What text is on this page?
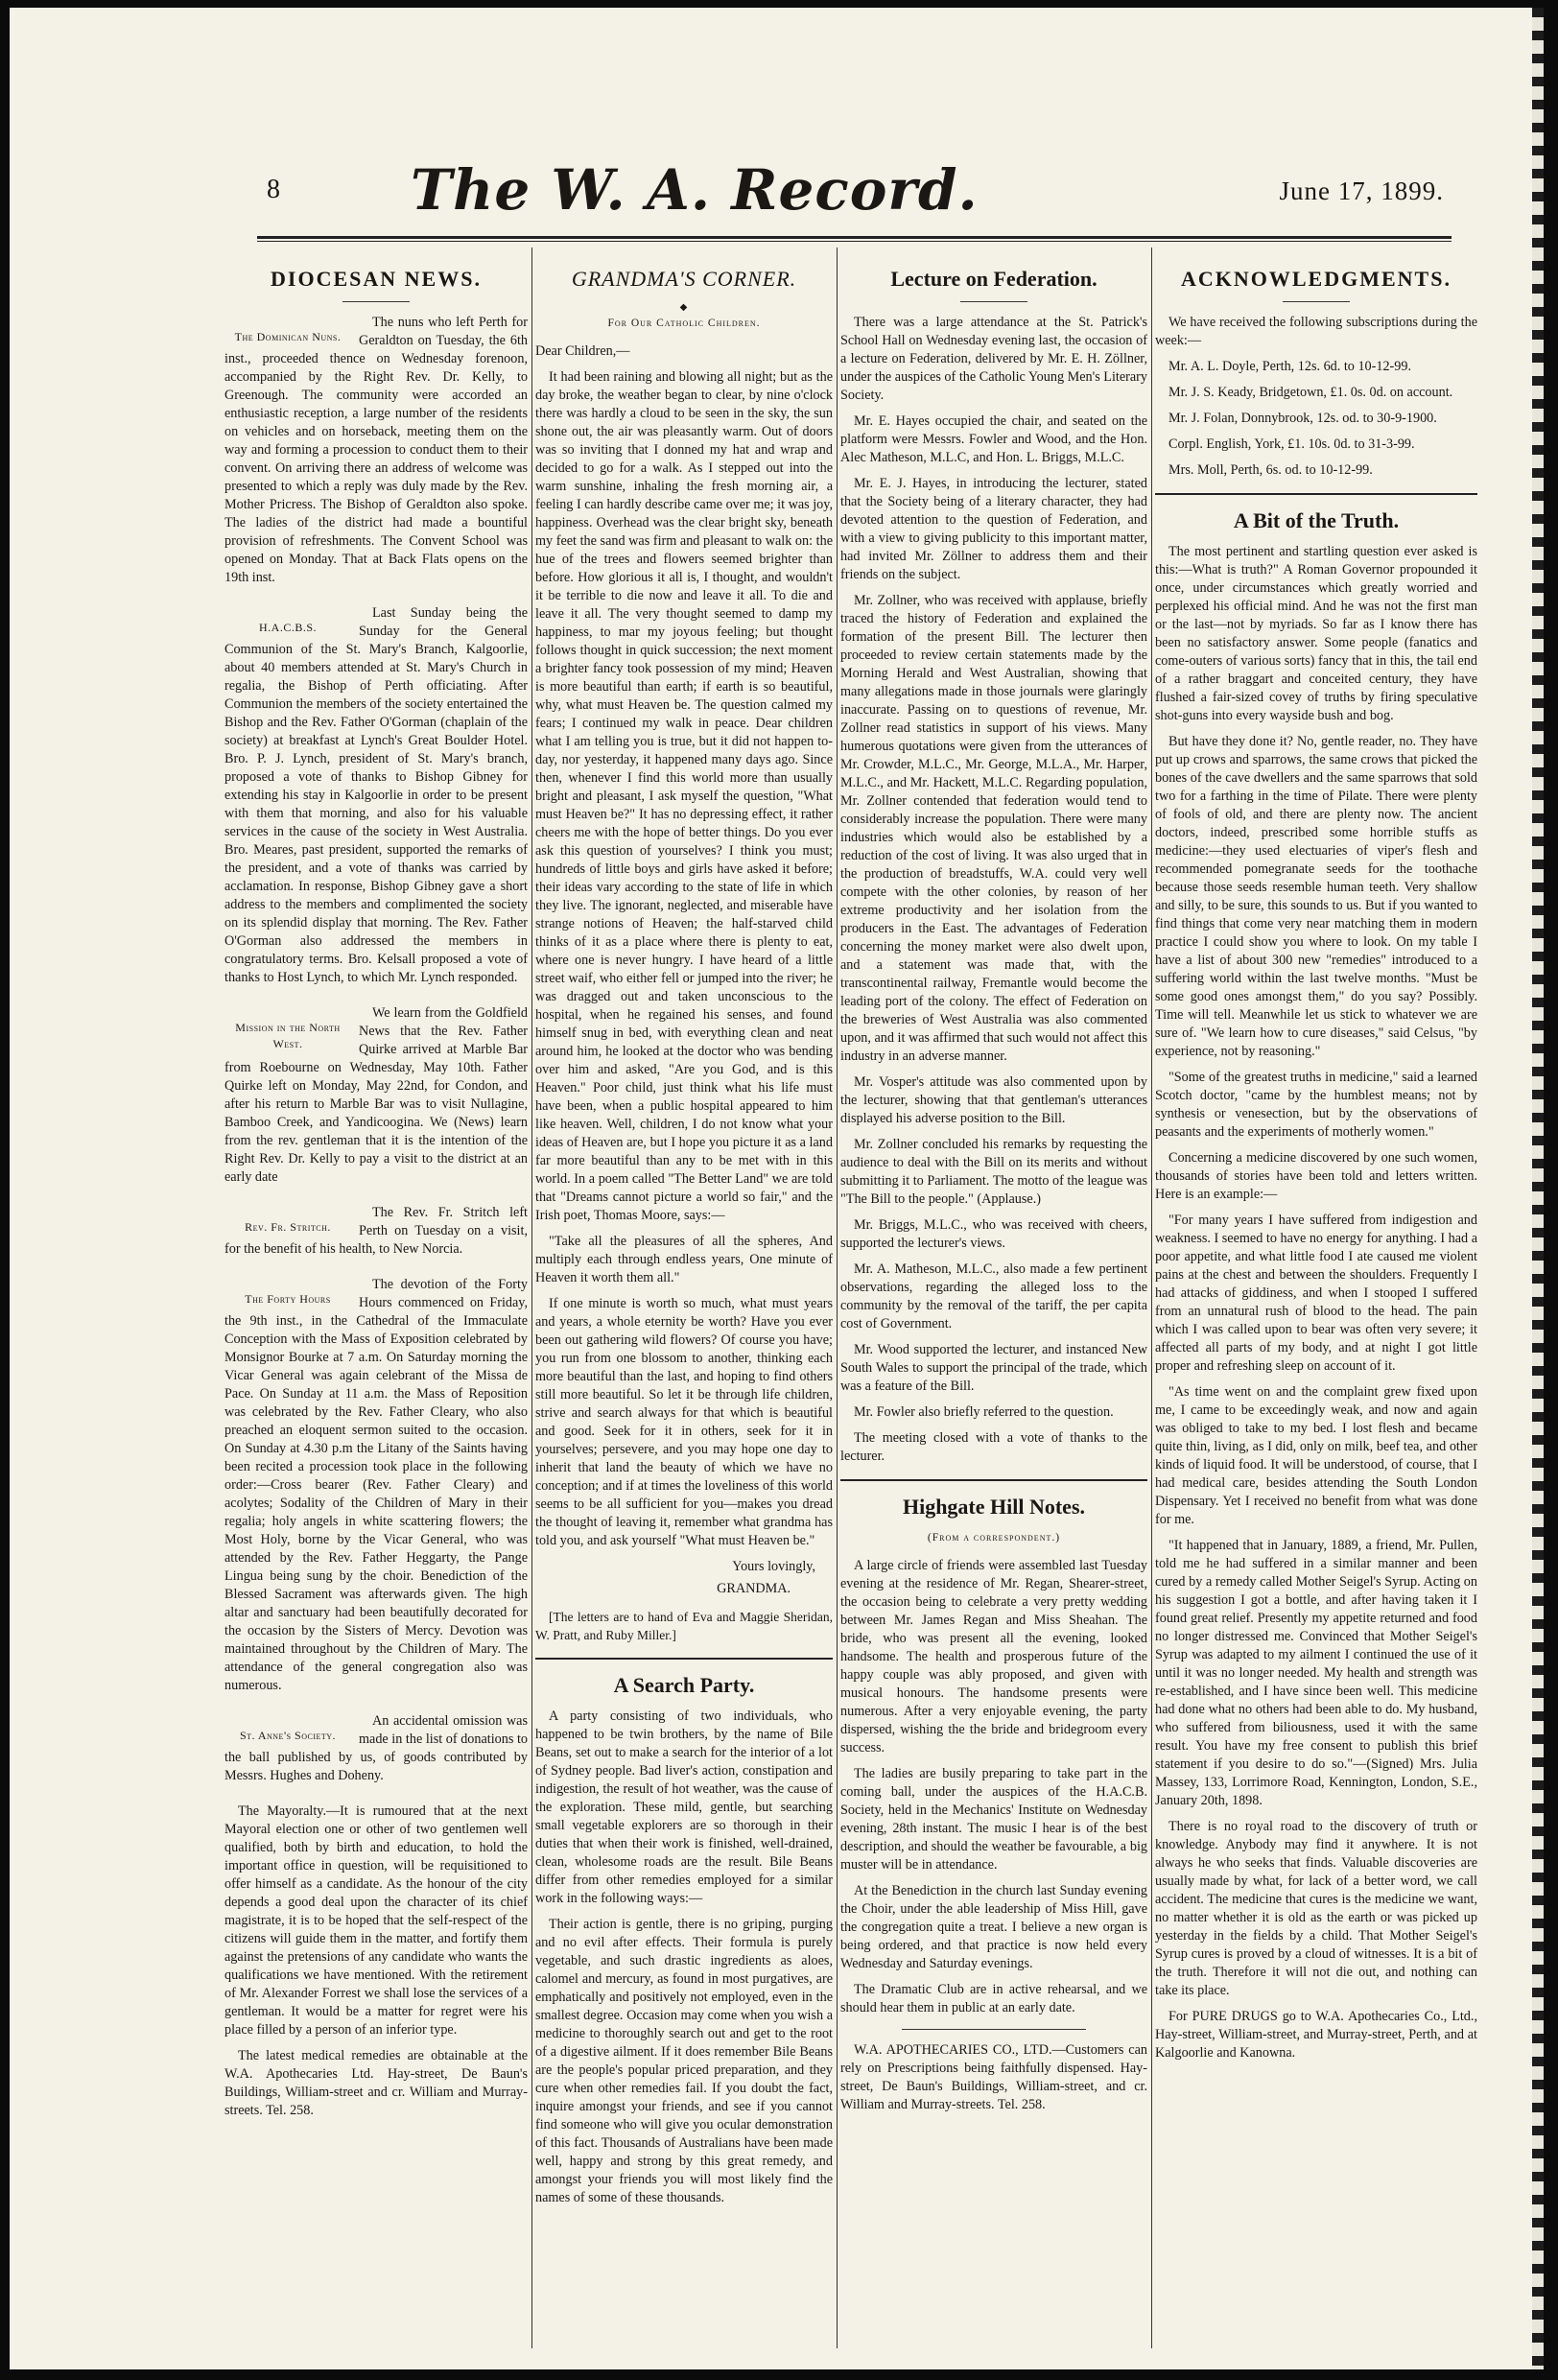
8 The W. A. Record.	June 17, 1899.
DIOCESAN NEWS.
The Dominican Nuns.

The nuns who left Perth for Geraldton on Tuesday, the 6th inst., proceeded thence on Wednesday forenoon, accompanied by the Right Rev. Dr. Kelly, to Greenough. The community were accorded an enthusiastic reception, a large number of the residents on vehicles and on horseback, meeting them on the way and forming a procession to conduct them to their convent. On arriving there an address of welcome was presented to which a reply was duly made by the Rev. Mother Pricress. The Bishop of Geraldton also spoke. The ladies of the district had made a bountiful provision of refreshments. The Convent School was opened on Monday. That at Back Flats opens on the 19th inst.

H.A.C.B.S.

Last Sunday being the Sunday for the General Communion of the St. Mary's Branch, Kalgoorlie, about 40 members attended at St. Mary's Church in regalia, the Bishop of Perth officiating. After Communion the members of the society entertained the Bishop and the Rev. Father O'Gorman (chaplain of the society) at breakfast at Lynch's Great Boulder Hotel. Bro. P. J. Lynch, president of St. Mary's branch, proposed a vote of thanks to Bishop Gibney for extending his stay in Kalgoorlie in order to be present with them that morning, and also for his valuable services in the cause of the society in West Australia. Bro. Meares, past president, supported the remarks of the president, and a vote of thanks was carried by acclamation. In response, Bishop Gibney gave a short address to the members and complimented the society on its splendid display that morning. The Rev. Father O'Gorman also addressed the members in congratulatory terms. Bro. Kelsall proposed a vote of thanks to Host Lynch, to which Mr. Lynch responded.

Mission in the North West.

We learn from the Goldfield News that the Rev. Father Quirke arrived at Marble Bar from Roebourne on Wednesday, May 10th. Father Quirke left on Monday, May 22nd, for Condon, and after his return to Marble Bar was to visit Nullagine, Bamboo Creek, and Yandicoogina. We (News) learn from the rev. gentleman that it is the intention of the Right Rev. Dr. Kelly to pay a visit to the district at an early date

Rev. Fr. Stritch.

The Rev. Fr. Stritch left Perth on Tuesday on a visit, for the benefit of his health, to New Norcia.

The Forty Hours

The devotion of the Forty Hours commenced on Friday, the 9th inst., in the Cathedral of the Immaculate Conception with the Mass of Exposition celebrated by Monsignor Bourke at 7 a.m. On Saturday morning the Vicar General was again celebrant of the Missa de Pace. On Sunday at 11 a.m. the Mass of Reposition was celebrated by the Rev. Father Cleary, who also preached an eloquent sermon suited to the occasion. On Sunday at 4.30 p.m the Litany of the Saints having been recited a procession took place in the following order:—Cross bearer (Rev. Father Cleary) and acolytes; Sodality of the Children of Mary in their regalia; holy angels in white scattering flowers; the Most Holy, borne by the Vicar General, who was attended by the Rev. Father Heggarty, the Pange Lingua being sung by the choir. Benediction of the Blessed Sacrament was afterwards given. The high altar and sanctuary had been beautifully decorated for the occasion by the Sisters of Mercy. Devotion was maintained throughout by the Children of Mary. The attendance of the general congregation also was numerous.

St. Anne's Society.

An accidental omission was made in the list of donations to the ball published by us, of goods contributed by Messrs. Hughes and Doheny.

The Mayoralty.—It is rumoured that at the next Mayoral election one or other of two gentlemen well qualified, both by birth and education, to hold the important office in question, will be requisitioned to offer himself as a candidate. As the honour of the city depends a good deal upon the character of its chief magistrate, it is to be hoped that the self-respect of the citizens will guide them in the matter, and fortify them against the pretensions of any candidate who wants the qualifications we have mentioned. With the retirement of Mr. Alexander Forrest we shall lose the services of a gentleman. It would be a matter for regret were his place filled by a person of an inferior type.

The latest medical remedies are obtainable at the W.A. Apothecaries Ltd. Hay-street, De Baun's Buildings, William-street and cr. William and Murray-streets. Tel. 258.

GRANDMA'S CORNER.
◆ For Our Catholic Children.

Dear Children,—

It had been raining and blowing all night; but as the day broke, the weather began to clear, by nine o'clock there was hardly a cloud to be seen in the sky, the sun shone out, the air was pleasantly warm. Out of doors was so inviting that I donned my hat and wrap and decided to go for a walk. As I stepped out into the warm sunshine, inhaling the fresh morning air, a feeling I can hardly describe came over me; it was joy, happiness. Overhead was the clear bright sky, beneath my feet the sand was firm and pleasant to walk on: the hue of the trees and flowers seemed brighter than before. How glorious it all is, I thought, and wouldn't it be terrible to die now and leave it all. To die and leave it all. The very thought seemed to damp my happiness, to mar my joyous feeling; but thought follows thought in quick succession; the next moment a brighter fancy took possession of my mind; Heaven is more beautiful than earth; if earth is so beautiful, why, what must Heaven be. The question calmed my fears; I continued my walk in peace. Dear children what I am telling you is true, but it did not happen to-day, nor yesterday, it happened many days ago. Since then, whenever I find this world more than usually bright and pleasant, I ask myself the question, "What must Heaven be?" It has no depressing effect, it rather cheers me with the hope of better things. Do you ever ask this question of yourselves? I think you must; hundreds of little boys and girls have asked it before; their ideas vary according to the state of life in which they live. The ignorant, neglected, and miserable have strange notions of Heaven; the half-starved child thinks of it as a place where there is plenty to eat, where one is never hungry. I have heard of a little street waif, who either fell or jumped into the river; he was dragged out and taken unconscious to the hospital, when he regained his senses, and found himself snug in bed, with everything clean and neat around him, he looked at the doctor who was bending over him and asked, "Are you God, and is this Heaven." Poor child, just think what his life must have been, when a public hospital appeared to him like heaven. Well, children, I do not know what your ideas of Heaven are, but I hope you picture it as a land far more beautiful than any to be met with in this world. In a poem called "The Better Land" we are told that "Dreams cannot picture a world so fair," and the Irish poet, Thomas Moore, says:—

"Take all the pleasures of all the spheres, And multiply each through endless years, One minute of Heaven it worth them all."

If one minute is worth so much, what must years and years, a whole eternity be worth? Have you ever been out gathering wild flowers? Of course you have; you run from one blossom to another, thinking each more beautiful than the last, and hoping to find others still more beautiful. So let it be through life children, strive and search always for that which is beautiful and good. Seek for it in others, seek for it in yourselves; persevere, and you may hope one day to inherit that land the beauty of which we have no conception; and if at times the loveliness of this world seems to be all sufficient for you—makes you dread the thought of leaving it, remember what grandma has told you, and ask yourself "What must Heaven be."

Yours lovingly,
GRANDMA.

[The letters are to hand of Eva and Maggie Sheridan, W. Pratt, and Ruby Miller.]

A Search Party.

A party consisting of two individuals, who happened to be twin brothers, by the name of Bile Beans, set out to make a search for the interior of a lot of Sydney people. Bad liver's action, constipation and indigestion, the result of hot weather, was the cause of the exploration. These mild, gentle, but searching small vegetable explorers are so thorough in their duties that when their work is finished, well-drained, clean, wholesome roads are the result. Bile Beans differ from other remedies employed for a similar work in the following ways:—

Their action is gentle, there is no griping, purging and no evil after effects. Their formula is purely vegetable, and such drastic ingredients as aloes, calomel and mercury, as found in most purgatives, are emphatically and positively not employed, even in the smallest degree. Occasion may come when you wish a medicine to thoroughly search out and get to the root of a digestive ailment. If it does remember Bile Beans are the people's popular priced preparation, and they cure when other remedies fail. If you doubt the fact, inquire amongst your friends, and see if you cannot find someone who will give you ocular demonstration of this fact. Thousands of Australians have been made well, happy and strong by this great remedy, and amongst your friends you will most likely find the names of some of these thousands.

Lecture on Federation.

There was a large attendance at the St. Patrick's School Hall on Wednesday evening last, the occasion of a lecture on Federation, delivered by Mr. E. H. Zöllner, under the auspices of the Catholic Young Men's Literary Society.

Mr. E. Hayes occupied the chair, and seated on the platform were Messrs. Fowler and Wood, and the Hon. Alec Matheson, M.L.C, and Hon. L. Briggs, M.L.C.

Mr. E. J. Hayes, in introducing the lecturer, stated that the Society being of a literary character, they had devoted attention to the question of Federation, and with a view to giving publicity to this important matter, had invited Mr. Zöllner to address them and their friends on the subject.

Mr. Zollner, who was received with applause, briefly traced the history of Federation and explained the formation of the present Bill. The lecturer then proceeded to review certain statements made by the Morning Herald and West Australian, showing that many allegations made in those journals were glaringly inaccurate. Passing on to questions of revenue, Mr. Zollner read statistics in support of his views. Many humerous quotations were given from the utterances of Mr. Crowder, M.L.C., Mr. George, M.L.A., Mr. Harper, M.L.C., and Mr. Hackett, M.L.C. Regarding population, Mr. Zollner contended that federation would tend to considerably increase the population. There were many industries which would also be established by a reduction of the cost of living. It was also urged that in the production of breadstuffs, W.A. could very well compete with the other colonies, by reason of her extreme productivity and her isolation from the producers in the East. The advantages of Federation concerning the money market were also dwelt upon, and a statement was made that, with the transcontinental railway, Fremantle would become the leading port of the colony. The effect of Federation on the breweries of West Australia was also commented upon, and it was affirmed that such would not affect this industry in an adverse manner.

Mr. Vosper's attitude was also commented upon by the lecturer, showing that that gentleman's utterances displayed his adverse position to the Bill.

Mr. Zollner concluded his remarks by requesting the audience to deal with the Bill on its merits and without submitting it to Parliament. The motto of the league was "The Bill to the people." (Applause.)

Mr. Briggs, M.L.C., who was received with cheers, supported the lecturer's views.

Mr. A. Matheson, M.L.C., also made a few pertinent observations, regarding the alleged loss to the community by the removal of the tariff, the per capita cost of Government.

Mr. Wood supported the lecturer, and instanced New South Wales to support the principal of the trade, which was a feature of the Bill.

Mr. Fowler also briefly referred to the question.

The meeting closed with a vote of thanks to the lecturer.

Highgate Hill Notes.
(From a correspondent.)

A large circle of friends were assembled last Tuesday evening at the residence of Mr. Regan, Shearer-street, the occasion being to celebrate a very pretty wedding between Mr. James Regan and Miss Sheahan. The bride, who was present all the evening, looked handsome. The health and prosperous future of the happy couple was ably proposed, and given with musical honours. The handsome presents were numerous. After a very enjoyable evening, the party dispersed, wishing the the bride and bridegroom every success.

The ladies are busily preparing to take part in the coming ball, under the auspices of the H.A.C.B. Society, held in the Mechanics' Institute on Wednesday evening, 28th instant. The music I hear is of the best description, and should the weather be favourable, a big muster will be in attendance.

At the Benediction in the church last Sunday evening the Choir, under the able leadership of Miss Hill, gave the congregation quite a treat. I believe a new organ is being ordered, and that practice is now held every Wednesday and Saturday evenings.

The Dramatic Club are in active rehearsal, and we should hear them in public at an early date.

W.A. APOTHECARIES CO., LTD.—Customers can rely on Prescriptions being faithfully dispensed. Hay-street, De Baun's Buildings, William-street, and cr. William and Murray-streets. Tel. 258.

ACKNOWLEDGMENTS.

We have received the following subscriptions during the week:—

Mr. A. L. Doyle, Perth, 12s. 6d. to 10-12-99.

Mr. J. S. Keady, Bridgetown, £1. 0s. 0d. on account.

Mr. J. Folan, Donnybrook, 12s. od. to 30-9-1900.

Corpl. English, York, £1. 10s. 0d. to 31-3-99.

Mrs. Moll, Perth, 6s. od. to 10-12-99.

A Bit of the Truth.

The most pertinent and startling question ever asked is this:—What is truth?" A Roman Governor propounded it once, under circumstances which greatly worried and perplexed his official mind. And he was not the first man or the last—not by myriads. So far as I know there has been no satisfactory answer. Some people (fanatics and come-outers of various sorts) fancy that in this, the tail end of a rather braggart and conceited century, they have flushed a fair-sized covey of truths by firing speculative shot-guns into every wayside bush and bog.

But have they done it? No, gentle reader, no. They have put up crows and sparrows, the same crows that picked the bones of the cave dwellers and the same sparrows that sold two for a farthing in the time of Pilate. There were plenty of fools of old, and there are plenty now. The ancient doctors, indeed, prescribed some horrible stuffs as medicine:—they used electuaries of viper's flesh and recommended pomegranate seeds for the toothache because those seeds resemble human teeth. Very shallow and silly, to be sure, this sounds to us. But if you wanted to find things that come very near matching them in modern practice I could show you where to look. On my table I have a list of about 300 new "remedies" introduced to a suffering world within the last twelve months. "Must be some good ones amongst them," do you say? Possibly. Time will tell. Meanwhile let us stick to whatever we are sure of. "We learn how to cure diseases," said Celsus, "by experience, not by reasoning."

"Some of the greatest truths in medicine," said a learned Scotch doctor, "came by the humblest means; not by synthesis or venesection, but by the observations of peasants and the experiments of motherly women."

Concerning a medicine discovered by one such women, thousands of stories have been told and letters written. Here is an example:—

"For many years I have suffered from indigestion and weakness. I seemed to have no energy for anything. I had a poor appetite, and what little food I ate caused me violent pains at the chest and between the shoulders. Frequently I had attacks of giddiness, and when I stooped I suffered from an unnatural rush of blood to the head. The pain which I was called upon to bear was often very severe; it affected all parts of my body, and at night I got little proper and refreshing sleep on account of it.

"As time went on and the complaint grew fixed upon me, I came to be exceedingly weak, and now and again was obliged to take to my bed. I lost flesh and became quite thin, living, as I did, only on milk, beef tea, and other kinds of liquid food. It will be understood, of course, that I had medical care, besides attending the South London Dispensary. Yet I received no benefit from what was done for me.

"It happened that in January, 1889, a friend, Mr. Pullen, told me he had suffered in a similar manner and been cured by a remedy called Mother Seigel's Syrup. Acting on his suggestion I got a bottle, and after having taken it I found great relief. Presently my appetite returned and food no longer distressed me. Convinced that Mother Seigel's Syrup was adapted to my ailment I continued the use of it until it was no longer needed. My health and strength was re-established, and I have since been well. This medicine had done what no others had been able to do. My husband, who suffered from biliousness, used it with the same result. You have my free consent to publish this brief statement if you desire to do so."—(Signed) Mrs. Julia Massey, 133, Lorrimore Road, Kennington, London, S.E., January 20th, 1898.

There is no royal road to the discovery of truth or knowledge. Anybody may find it anywhere. It is not always he who seeks that finds. Valuable discoveries are usually made by what, for lack of a better word, we call accident. The medicine that cures is the medicine we want, no matter whether it is old as the earth or was picked up yesterday in the fields by a child. That Mother Seigel's Syrup cures is proved by a cloud of witnesses. It is a bit of the truth. Therefore it will not die out, and nothing can take its place.

For PURE DRUGS go to W.A. Apothecaries Co., Ltd., Hay-street, William-street, and Murray-street, Perth, and at Kalgoorlie and Kanowna.
